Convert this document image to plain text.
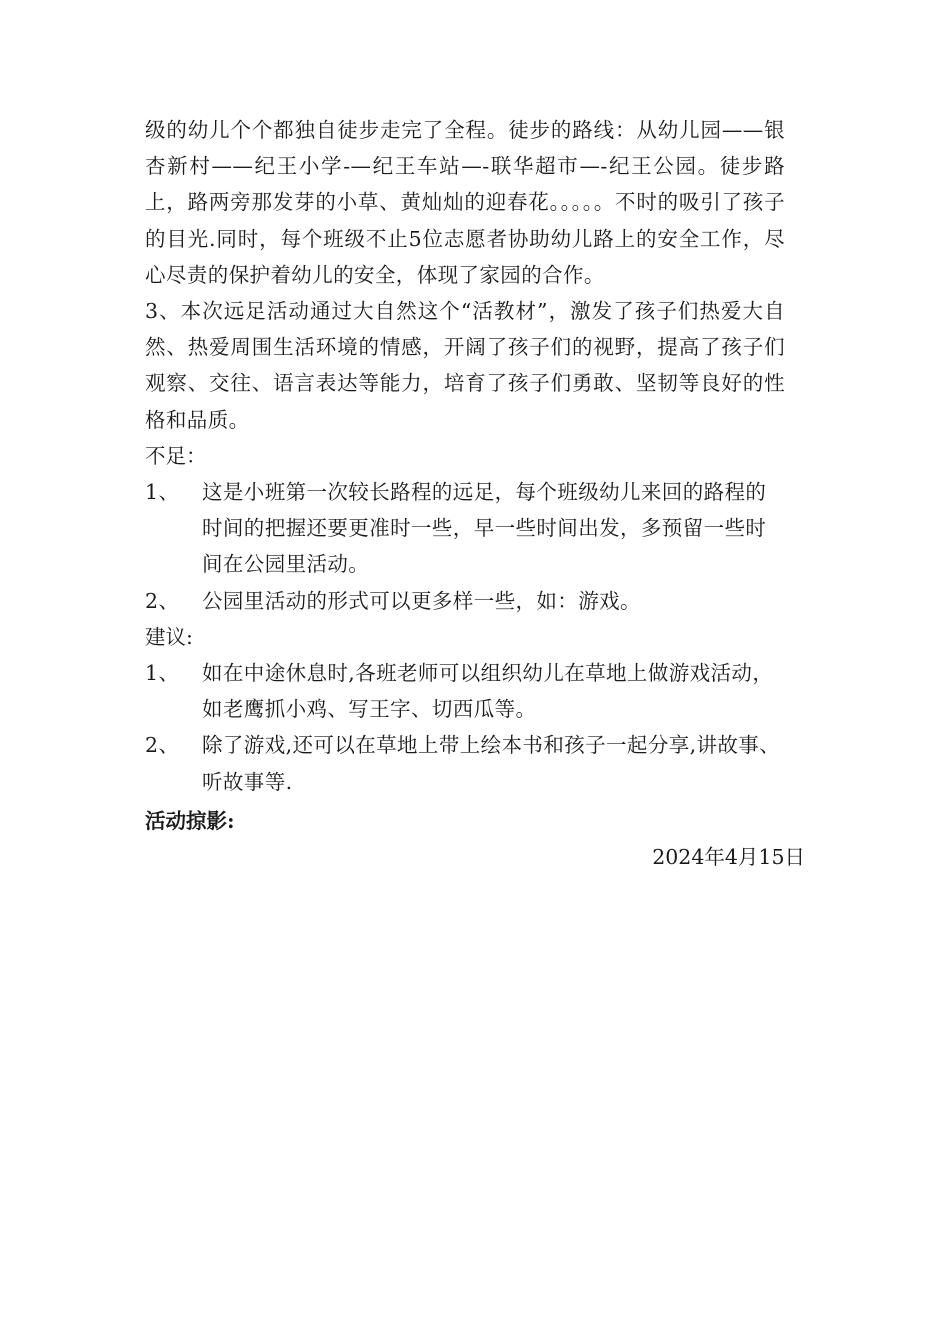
级的幼儿个个都独自徒步走完了全程。徒步的路线：从幼儿园——银杏新村——纪王小学-—纪王车站—-联华超市—-纪王公园。徒步路上，路两旁那发芽的小草、黄灿灿的迎春花。。。。。不时的吸引了孩子的目光.同时，每个班级不止5位志愿者协助幼儿路上的安全工作，尽心尽责的保护着幼儿的安全，体现了家园的合作。

3、本次远足活动通过大自然这个“活教材”，激发了孩子们热爱大自然、热爱周围生活环境的情感，开阔了孩子们的视野，提高了孩子们观察、交往、语言表达等能力，培育了孩子们勇敢、坚韧等良好的性格和品质。

不足：

1、 这是小班第一次较长路程的远足，每个班级幼儿来回的路程的时间的把握还要更准时一些，早一些时间出发，多预留一些时间在公园里活动。
2、 公园里活动的形式可以更多样一些，如：游戏。

建议:

1、 如在中途休息时,各班老师可以组织幼儿在草地上做游戏活动，如老鹰抓小鸡、写王字、切西瓜等。
2、 除了游戏,还可以在草地上带上绘本书和孩子一起分享,讲故事、听故事等.

活动掠影:

2024年4月15日
